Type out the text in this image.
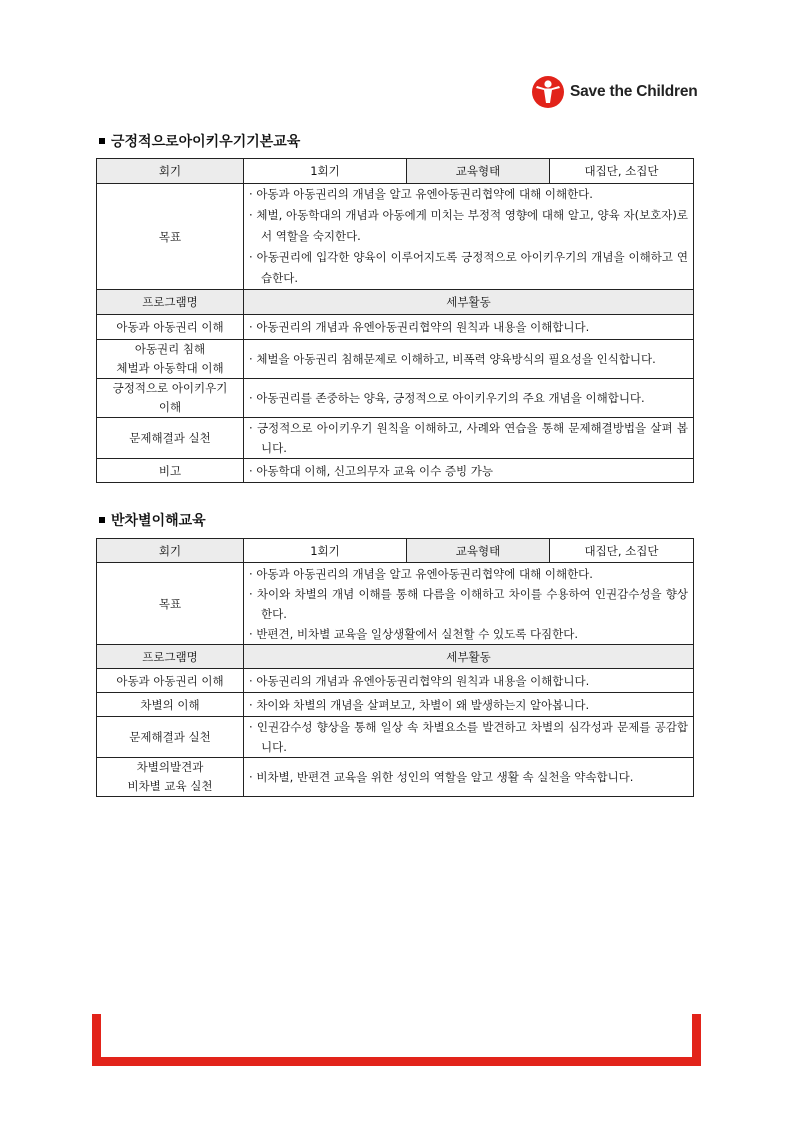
Save the Children
긍정적으로아이키우기기본교육
회기	1회기	교육형태	대집단, 소집단
목표	· 아동과 아동권리의 개념을 알고 유엔아동권리협약에 대해 이해한다.
· 체벌, 아동학대의 개념과 아동에게 미치는 부정적 영향에 대해 알고, 양육 자(보호자)로서 역할을 숙지한다.
· 아동권리에 입각한 양육이 이루어지도록 긍정적으로 아이키우기의 개념을 이해하고 연습한다.

프로그램명	세부활동		
아동과 아동권리 이해	· 아동권리의 개념과 유엔아동권리협약의 원칙과 내용을 이해합니다.

아동권리 침해
체벌과 아동학대 이해	· 체벌을 아동권리 침해문제로 이해하고, 비폭력 양육방식의 필요성을 인식합니다.

긍정적으로 아이키우기
이해	· 아동권리를 존중하는 양육, 긍정적으로 아이키우기의 주요 개념을 이해합니다.

문제해결과 실천	· 긍정적으로 아이키우기 원칙을 이해하고, 사례와 연습을 통해 문제해결방법을 살펴 봅니다.

비고	· 아동학대 이해, 신고의무자 교육 이수 증빙 가능
반차별이해교육
회기	1회기	교육형태	대집단, 소집단
목표	· 아동과 아동권리의 개념을 알고 유엔아동권리협약에 대해 이해한다.
· 차이와 차별의 개념 이해를 통해 다름을 이해하고 차이를 수용하여 인권감수성을 향상한다.
· 반편견, 비차별 교육을 일상생활에서 실천할 수 있도록 다짐한다.

프로그램명	세부활동		
아동과 아동권리 이해	· 아동권리의 개념과 유엔아동권리협약의 원칙과 내용을 이해합니다.

차별의 이해	· 차이와 차별의 개념을 살펴보고, 차별이 왜 발생하는지 알아봅니다.

문제해결과 실천	· 인권감수성 향상을 통해 일상 속 차별요소를 발견하고 차별의 심각성과 문제를 공감합니다.

차별의발견과
비차별 교육 실천	· 비차별, 반편견 교육을 위한 성인의 역할을 알고 생활 속 실천을 약속합니다.
